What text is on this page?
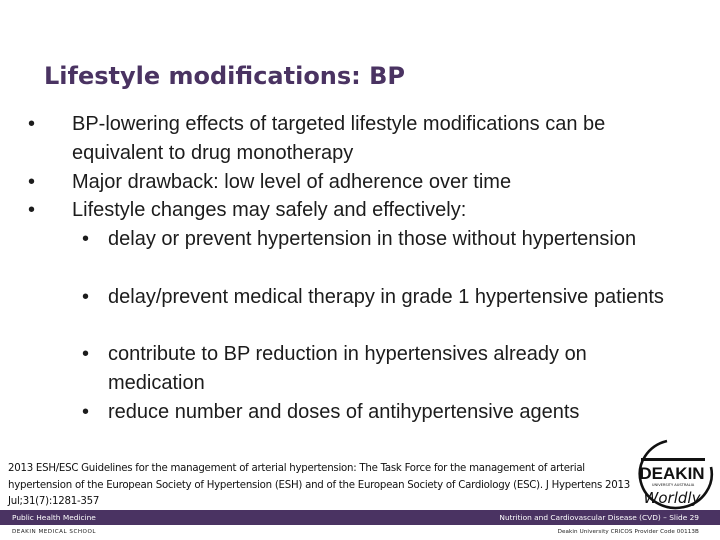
Lifestyle modifications: BP
• BP-lowering effects of targeted lifestyle modifications can be equivalent to drug monotherapy
• Major drawback: low level of adherence over time
• Lifestyle changes may safely and effectively:
• delay or prevent hypertension in those without hypertension
• delay/prevent medical therapy in grade 1 hypertensive patients
• contribute to BP reduction in hypertensives already on medication
• reduce number and doses of antihypertensive agents
2013 ESH/ESC Guidelines for the management of arterial hypertension: The Task Force for the management of arterial hypertension of the European Society of Hypertension (ESH) and of the European Society of Cardiology (ESC). J Hypertens 2013 Jul;31(7):1281-357
DEAKIN
UNIVERSITY AUSTRALIA
Worldly
Public Health Medicine	Nutrition and Cardiovascular Disease (CVD) – Slide 29
DEAKIN MEDICAL SCHOOL	Deakin University CRICOS Provider Code 00113B
